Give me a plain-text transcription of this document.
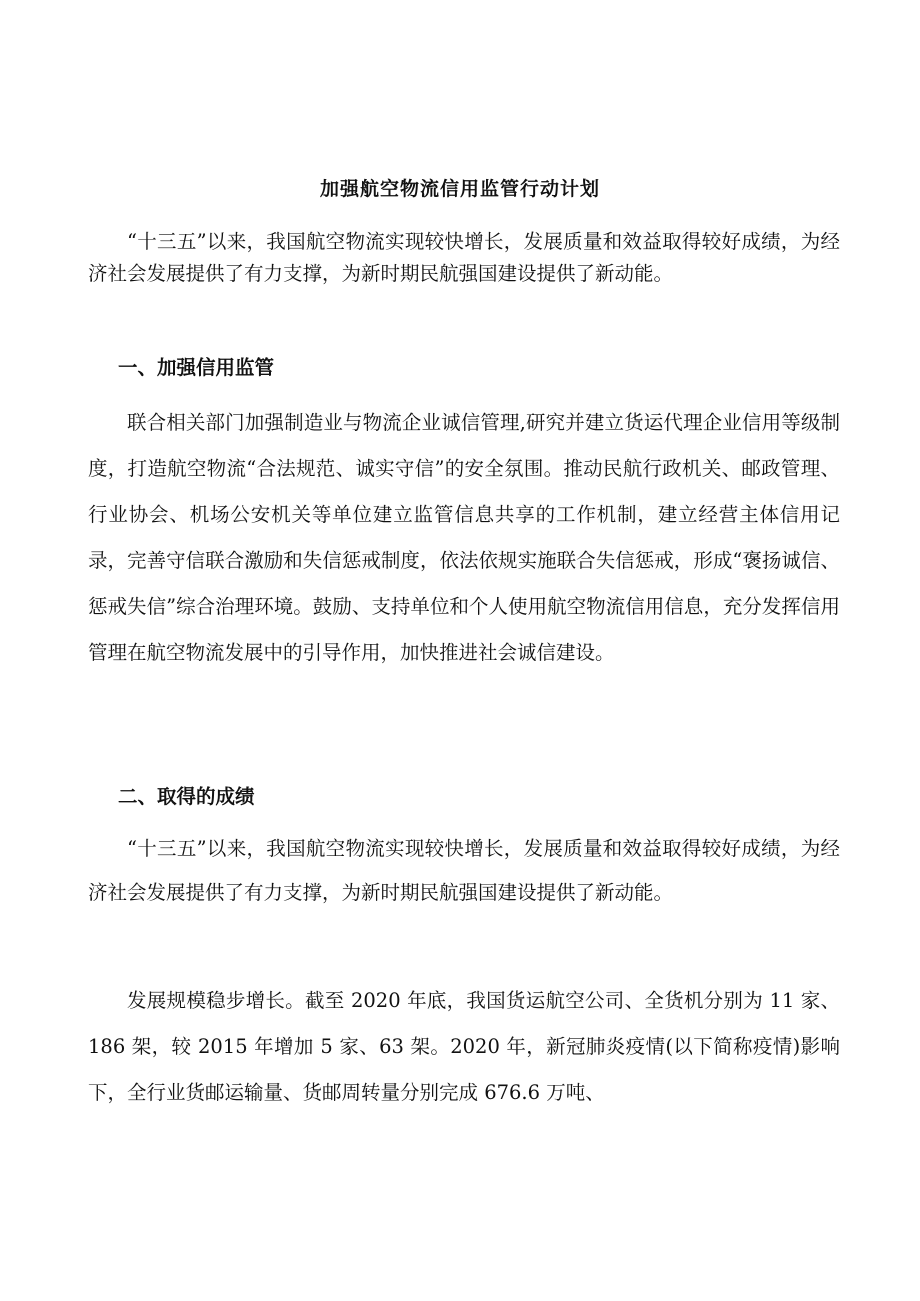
加强航空物流信用监管行动计划

“十三五”以来，我国航空物流实现较快增长，发展质量和效益取得较好成绩，为经济社会发展提供了有力支撑，为新时期民航强国建设提供了新动能。

一、加强信用监管

联合相关部门加强制造业与物流企业诚信管理,研究并建立货运代理企业信用等级制度，打造航空物流“合法规范、诚实守信”的安全氛围。推动民航行政机关、邮政管理、行业协会、机场公安机关等单位建立监管信息共享的工作机制，建立经营主体信用记录，完善守信联合激励和失信惩戒制度，依法依规实施联合失信惩戒，形成“褒扬诚信、惩戒失信”综合治理环境。鼓励、支持单位和个人使用航空物流信用信息，充分发挥信用管理在航空物流发展中的引导作用，加快推进社会诚信建设。

二、取得的成绩

“十三五”以来，我国航空物流实现较快增长，发展质量和效益取得较好成绩，为经济社会发展提供了有力支撑，为新时期民航强国建设提供了新动能。

发展规模稳步增长。截至 2020 年底，我国货运航空公司、全货机分别为 11 家、186 架，较 2015 年增加 5 家、63 架。2020 年，新冠肺炎疫情(以下简称疫情)影响下，全行业货邮运输量、货邮周转量分别完成 676.6 万吨、
